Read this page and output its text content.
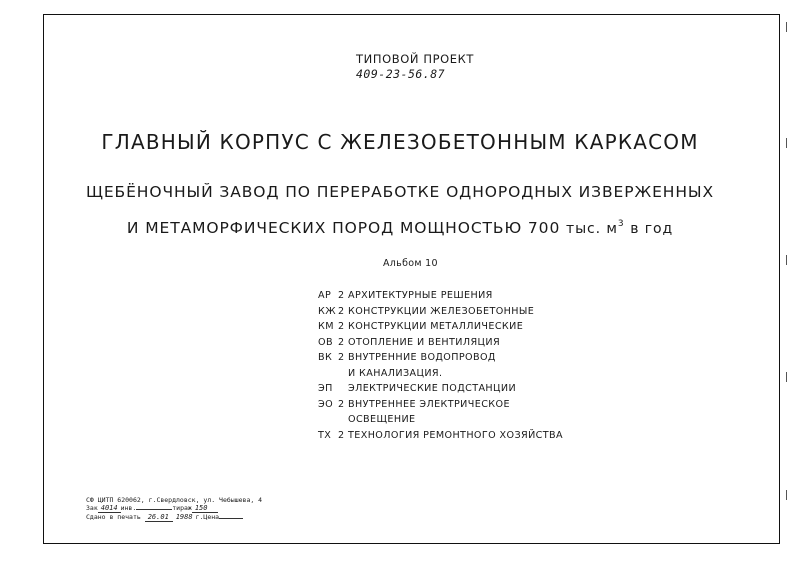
ТИПОВОЙ ПРОЕКТ
409-23-56.87
ГЛАВНЫЙ КОРПУС С ЖЕЛЕЗОБЕТОННЫМ КАРКАСОМ
ЩЕБЁНОЧНЫЙ ЗАВОД ПО ПЕРЕРАБОТКЕ ОДНОРОДНЫХ ИЗВЕРЖЕННЫХ
И МЕТАМОРФИЧЕСКИХ ПОРОД МОЩНОСТЬЮ 700 тыс. $м^3$ в год
Альбом 10
АР 2 АРХИТЕКТУРНЫЕ РЕШЕНИЯ
КЖ 2 КОНСТРУКЦИИ ЖЕЛЕЗОБЕТОННЫЕ
КМ 2 КОНСТРУКЦИИ МЕТАЛЛИЧЕСКИЕ
ОВ 2 ОТОПЛЕНИЕ И ВЕНТИЛЯЦИЯ
ВК 2 ВНУТРЕННИЕ ВОДОПРОВОД
И КАНАЛИЗАЦИЯ.
ЭП	ЭЛЕКТРИЧЕСКИЕ ПОДСТАНЦИИ
ЭО 2 ВНУТРЕННЕЕ ЭЛЕКТРИЧЕСКОЕ
ОСВЕЩЕНИЕ
ТХ 2 ТЕХНОЛОГИЯ РЕМОНТНОГО ХОЗЯЙСТВА
СФ ЦИТП 620062, г.Свердловск, ул. Чебышева, 4
Зак 4014 инв.	тираж 150
Сдано в печать 26.01 1988 г.Цена
